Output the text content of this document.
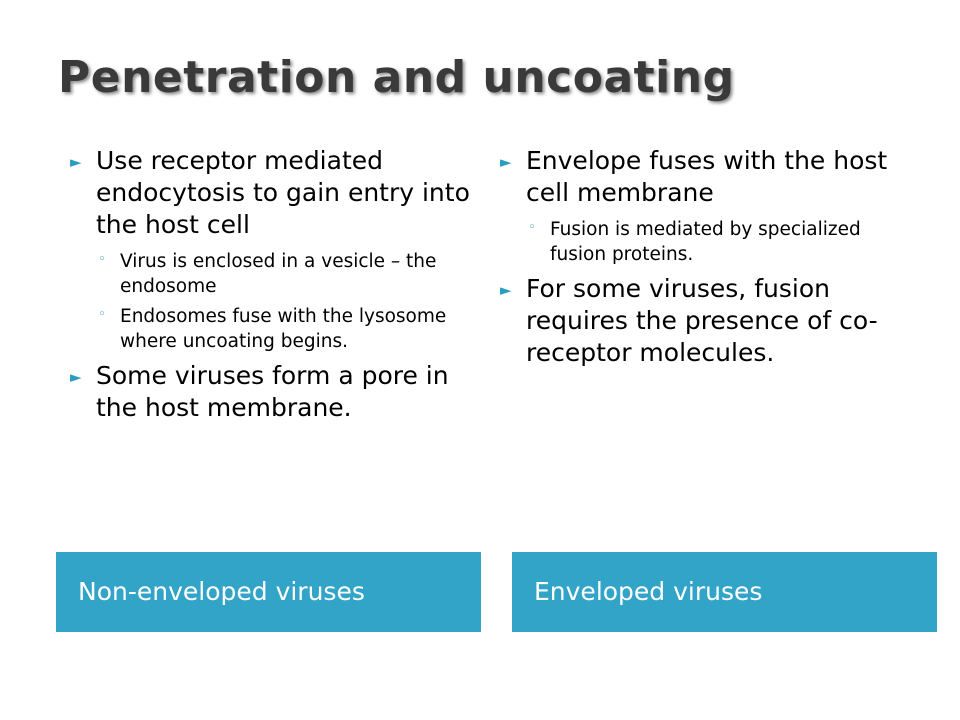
Penetration and uncoating
► Use receptor mediated endocytosis to gain entry into the host cell
◦ Virus is enclosed in a vesicle – the endosome
◦ Endosomes fuse with the lysosome where uncoating begins.
► Some viruses form a pore in the host membrane.
► Envelope fuses with the host cell membrane
◦ Fusion is mediated by specialized fusion proteins.
► For some viruses, fusion requires the presence of co-receptor molecules.
Non-enveloped viruses	Enveloped viruses
